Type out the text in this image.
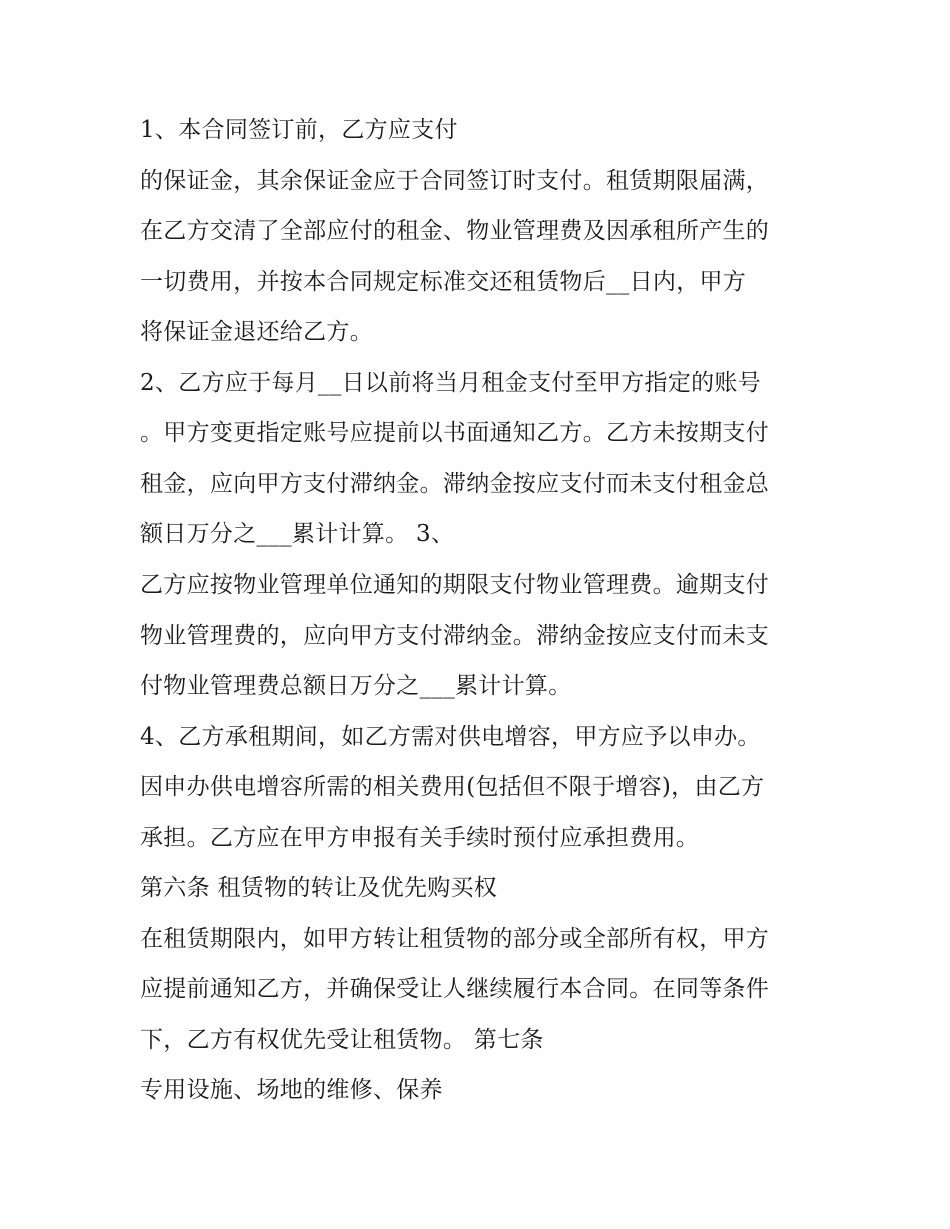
1、本合同签订前，乙方应支付
的保证金，其余保证金应于合同签订时支付。租赁期限届满，
在乙方交清了全部应付的租金、物业管理费及因承租所产生的
一切费用，并按本合同规定标准交还租赁物后__日内，甲方
将保证金退还给乙方。
2、乙方应于每月__日以前将当月租金支付至甲方指定的账号
。甲方变更指定账号应提前以书面通知乙方。乙方未按期支付
租金，应向甲方支付滞纳金。滞纳金按应支付而未支付租金总
额日万分之___累计计算。 3、
乙方应按物业管理单位通知的期限支付物业管理费。逾期支付
物业管理费的，应向甲方支付滞纳金。滞纳金按应支付而未支
付物业管理费总额日万分之___累计计算。
4、乙方承租期间，如乙方需对供电增容，甲方应予以申办。
因申办供电增容所需的相关费用(包括但不限于增容)，由乙方
承担。乙方应在甲方申报有关手续时预付应承担费用。
第六条 租赁物的转让及优先购买权
在租赁期限内，如甲方转让租赁物的部分或全部所有权，甲方
应提前通知乙方，并确保受让人继续履行本合同。在同等条件
下，乙方有权优先受让租赁物。 第七条
专用设施、场地的维修、保养
